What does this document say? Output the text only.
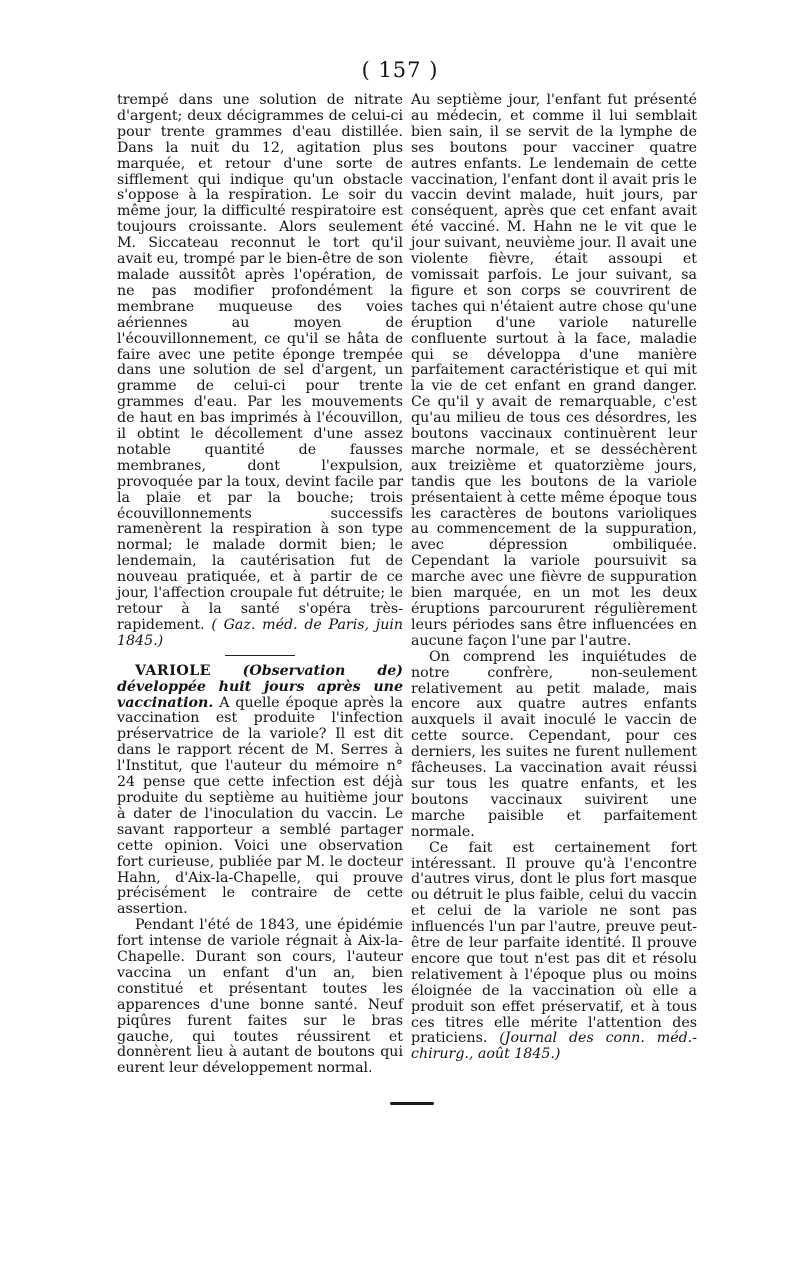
( 157 )

trempé dans une solution de nitrate d'argent; deux décigrammes de celui-ci pour trente grammes d'eau distillée. Dans la nuit du 12, agitation plus marquée, et retour d'une sorte de sifflement qui indique qu'un obstacle s'oppose à la respiration. Le soir du même jour, la difficulté respiratoire est toujours croissante. Alors seulement M. Siccateau reconnut le tort qu'il avait eu, trompé par le bien-être de son malade aussitôt après l'opération, de ne pas modifier profondément la membrane muqueuse des voies aériennes au moyen de l'écouvillonnement, ce qu'il se hâta de faire avec une petite éponge trempée dans une solution de sel d'argent, un gramme de celui-ci pour trente grammes d'eau. Par les mouvements de haut en bas imprimés à l'écouvillon, il obtint le décollement d'une assez notable quantité de fausses membranes, dont l'expulsion, provoquée par la toux, devint facile par la plaie et par la bouche; trois écouvillonnements successifs ramenèrent la respiration à son type normal; le malade dormit bien; le lendemain, la cautérisation fut de nouveau pratiquée, et à partir de ce jour, l'affection croupale fut détruite; le retour à la santé s'opéra très-rapidement. ( Gaz. méd. de Paris, juin 1845.)

VARIOLE (Observation de) développée huit jours après une vaccination. A quelle époque après la vaccination est produite l'infection préservatrice de la variole? Il est dit dans le rapport récent de M. Serres à l'Institut, que l'auteur du mémoire n° 24 pense que cette infection est déjà produite du septième au huitième jour à dater de l'inoculation du vaccin. Le savant rapporteur a semblé partager cette opinion. Voici une observation fort curieuse, publiée par M. le docteur Hahn, d'Aix-la-Chapelle, qui prouve précisément le contraire de cette assertion.

Pendant l'été de 1843, une épidémie fort intense de variole régnait à Aix-la-Chapelle. Durant son cours, l'auteur vaccina un enfant d'un an, bien constitué et présentant toutes les apparences d'une bonne santé. Neuf piqûres furent faites sur le bras gauche, qui toutes réussirent et donnèrent lieu à autant de boutons qui eurent leur développement normal.

Au septième jour, l'enfant fut présenté au médecin, et comme il lui semblait bien sain, il se servit de la lymphe de ses boutons pour vacciner quatre autres enfants. Le lendemain de cette vaccination, l'enfant dont il avait pris le vaccin devint malade, huit jours, par conséquent, après que cet enfant avait été vacciné. M. Hahn ne le vit que le jour suivant, neuvième jour. Il avait une violente fièvre, était assoupi et vomissait parfois. Le jour suivant, sa figure et son corps se couvrirent de taches qui n'étaient autre chose qu'une éruption d'une variole naturelle confluente surtout à la face, maladie qui se développa d'une manière parfaitement caractéristique et qui mit la vie de cet enfant en grand danger. Ce qu'il y avait de remarquable, c'est qu'au milieu de tous ces désordres, les boutons vaccinaux continuèrent leur marche normale, et se desséchèrent aux treizième et quatorzième jours, tandis que les boutons de la variole présentaient à cette même époque tous les caractères de boutons varioliques au commencement de la suppuration, avec dépression ombiliquée. Cependant la variole poursuivit sa marche avec une fièvre de suppuration bien marquée, en un mot les deux éruptions parcoururent régulièrement leurs périodes sans être influencées en aucune façon l'une par l'autre.

On comprend les inquiétudes de notre confrère, non-seulement relativement au petit malade, mais encore aux quatre autres enfants auxquels il avait inoculé le vaccin de cette source. Cependant, pour ces derniers, les suites ne furent nullement fâcheuses. La vaccination avait réussi sur tous les quatre enfants, et les boutons vaccinaux suivirent une marche paisible et parfaitement normale.

Ce fait est certainement fort intéressant. Il prouve qu'à l'encontre d'autres virus, dont le plus fort masque ou détruit le plus faible, celui du vaccin et celui de la variole ne sont pas influencés l'un par l'autre, preuve peut-être de leur parfaite identité. Il prouve encore que tout n'est pas dit et résolu relativement à l'époque plus ou moins éloignée de la vaccination où elle a produit son effet préservatif, et à tous ces titres elle mérite l'attention des praticiens. (Journal des conn. méd.-chirurg., août 1845.)
